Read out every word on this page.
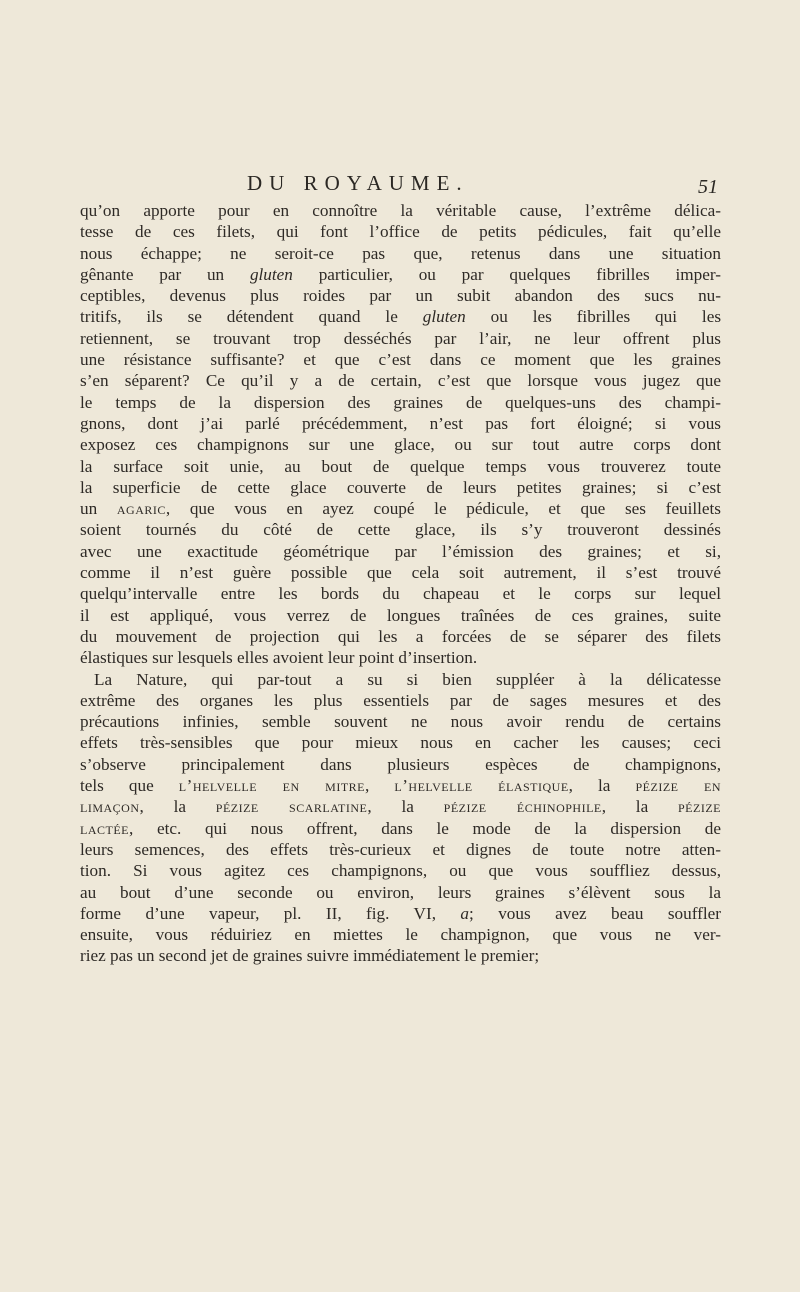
DU ROYAUME.	51
qu’on apporte pour en connoître la véritable cause, l’extrême délica-
tesse de ces filets, qui font l’office de petits pédicules, fait qu’elle
nous échappe; ne seroit-ce pas que, retenus dans une situation
gênante par un gluten particulier, ou par quelques fibrilles imper-
ceptibles, devenus plus roides par un subit abandon des sucs nu-
tritifs, ils se détendent quand le gluten ou les fibrilles qui les
retiennent, se trouvant trop desséchés par l’air, ne leur offrent plus
une résistance suffisante? et que c’est dans ce moment que les graines
s’en séparent? Ce qu’il y a de certain, c’est que lorsque vous jugez que
le temps de la dispersion des graines de quelques-uns des champi-
gnons, dont j’ai parlé précédemment, n’est pas fort éloigné; si vous
exposez ces champignons sur une glace, ou sur tout autre corps dont
la surface soit unie, au bout de quelque temps vous trouverez toute
la superficie de cette glace couverte de leurs petites graines; si c’est
un agaric, que vous en ayez coupé le pédicule, et que ses feuillets
soient tournés du côté de cette glace, ils s’y trouveront dessinés
avec une exactitude géométrique par l’émission des graines; et si,
comme il n’est guère possible que cela soit autrement, il s’est trouvé
quelqu’intervalle entre les bords du chapeau et le corps sur lequel
il est appliqué, vous verrez de longues traînées de ces graines, suite
du mouvement de projection qui les a forcées de se séparer des filets
élastiques sur lesquels elles avoient leur point d’insertion.
La Nature, qui par-tout a su si bien suppléer à la délicatesse
extrême des organes les plus essentiels par de sages mesures et des
précautions infinies, semble souvent ne nous avoir rendu de certains
effets très-sensibles que pour mieux nous en cacher les causes; ceci
s’observe principalement dans plusieurs espèces de champignons,
tels que l’helvelle en mitre, l’helvelle élastique, la pézize en
limaçon, la pézize scarlatine, la pézize échinophile, la pézize
lactée, etc. qui nous offrent, dans le mode de la dispersion de
leurs semences, des effets très-curieux et dignes de toute notre atten-
tion. Si vous agitez ces champignons, ou que vous souffliez dessus,
au bout d’une seconde ou environ, leurs graines s’élèvent sous la
forme d’une vapeur, pl. II, fig. VI, a; vous avez beau souffler
ensuite, vous réduiriez en miettes le champignon, que vous ne ver-
riez pas un second jet de graines suivre immédiatement le premier;
